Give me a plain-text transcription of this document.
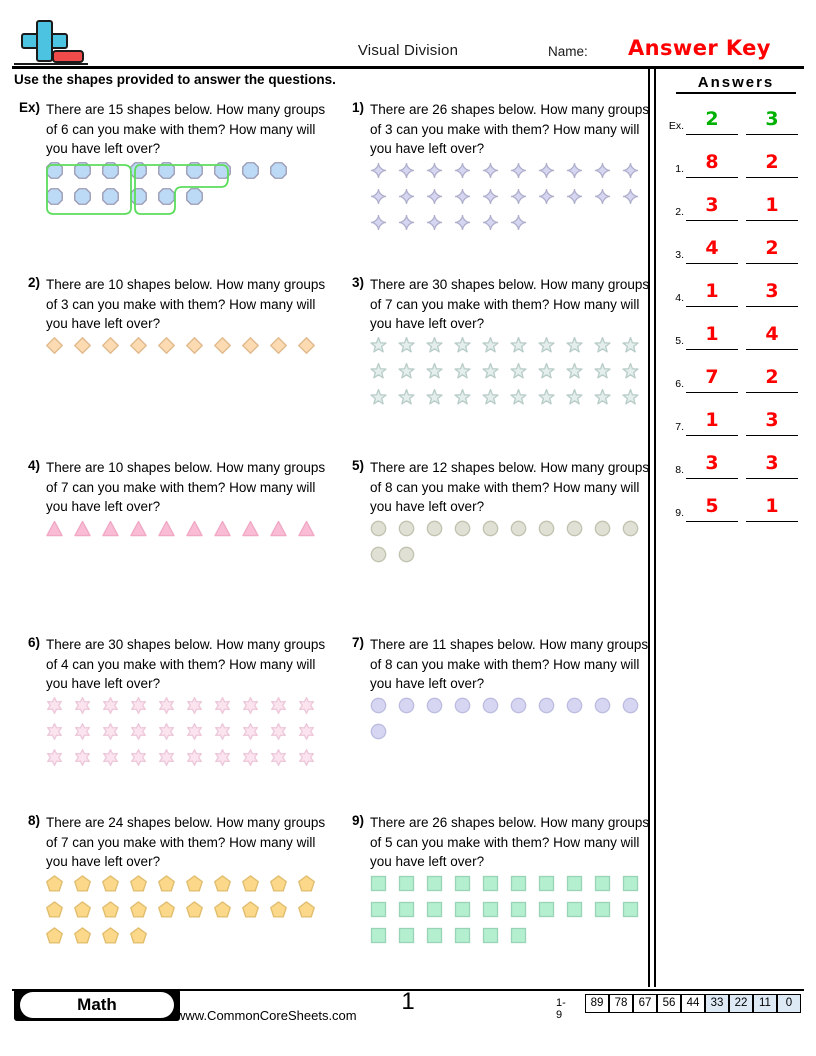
Visual Division	Name: Answer Key
Use the shapes provided to answer the questions.	Answers
Ex.	2	3
1.	8	2
2.	3	1
3.	4	2
4.	1	3
5.	1	4
6.	7	2
7.	1	3
8.	3	3
9.	5	1
Ex) There are 15 shapes below. How many groups of 6 can you make with them? How many will you have left over?
1) There are 26 shapes below. How many groups of 3 can you make with them? How many will you have left over?
2) There are 10 shapes below. How many groups of 3 can you make with them? How many will you have left over?
3) There are 30 shapes below. How many groups of 7 can you make with them? How many will you have left over?
4) There are 10 shapes below. How many groups of 7 can you make with them? How many will you have left over?
5) There are 12 shapes below. How many groups of 8 can you make with them? How many will you have left over?
6) There are 30 shapes below. How many groups of 4 can you make with them? How many will you have left over?
7) There are 11 shapes below. How many groups of 8 can you make with them? How many will you have left over?
8) There are 24 shapes below. How many groups of 7 can you make with them? How many will you have left over?
9) There are 26 shapes below. How many groups of 5 can you make with them? How many will you have left over?
Math
www.CommonCoreSheets.com
1	1-9
89 78 67 56 44 33 22	11	0
